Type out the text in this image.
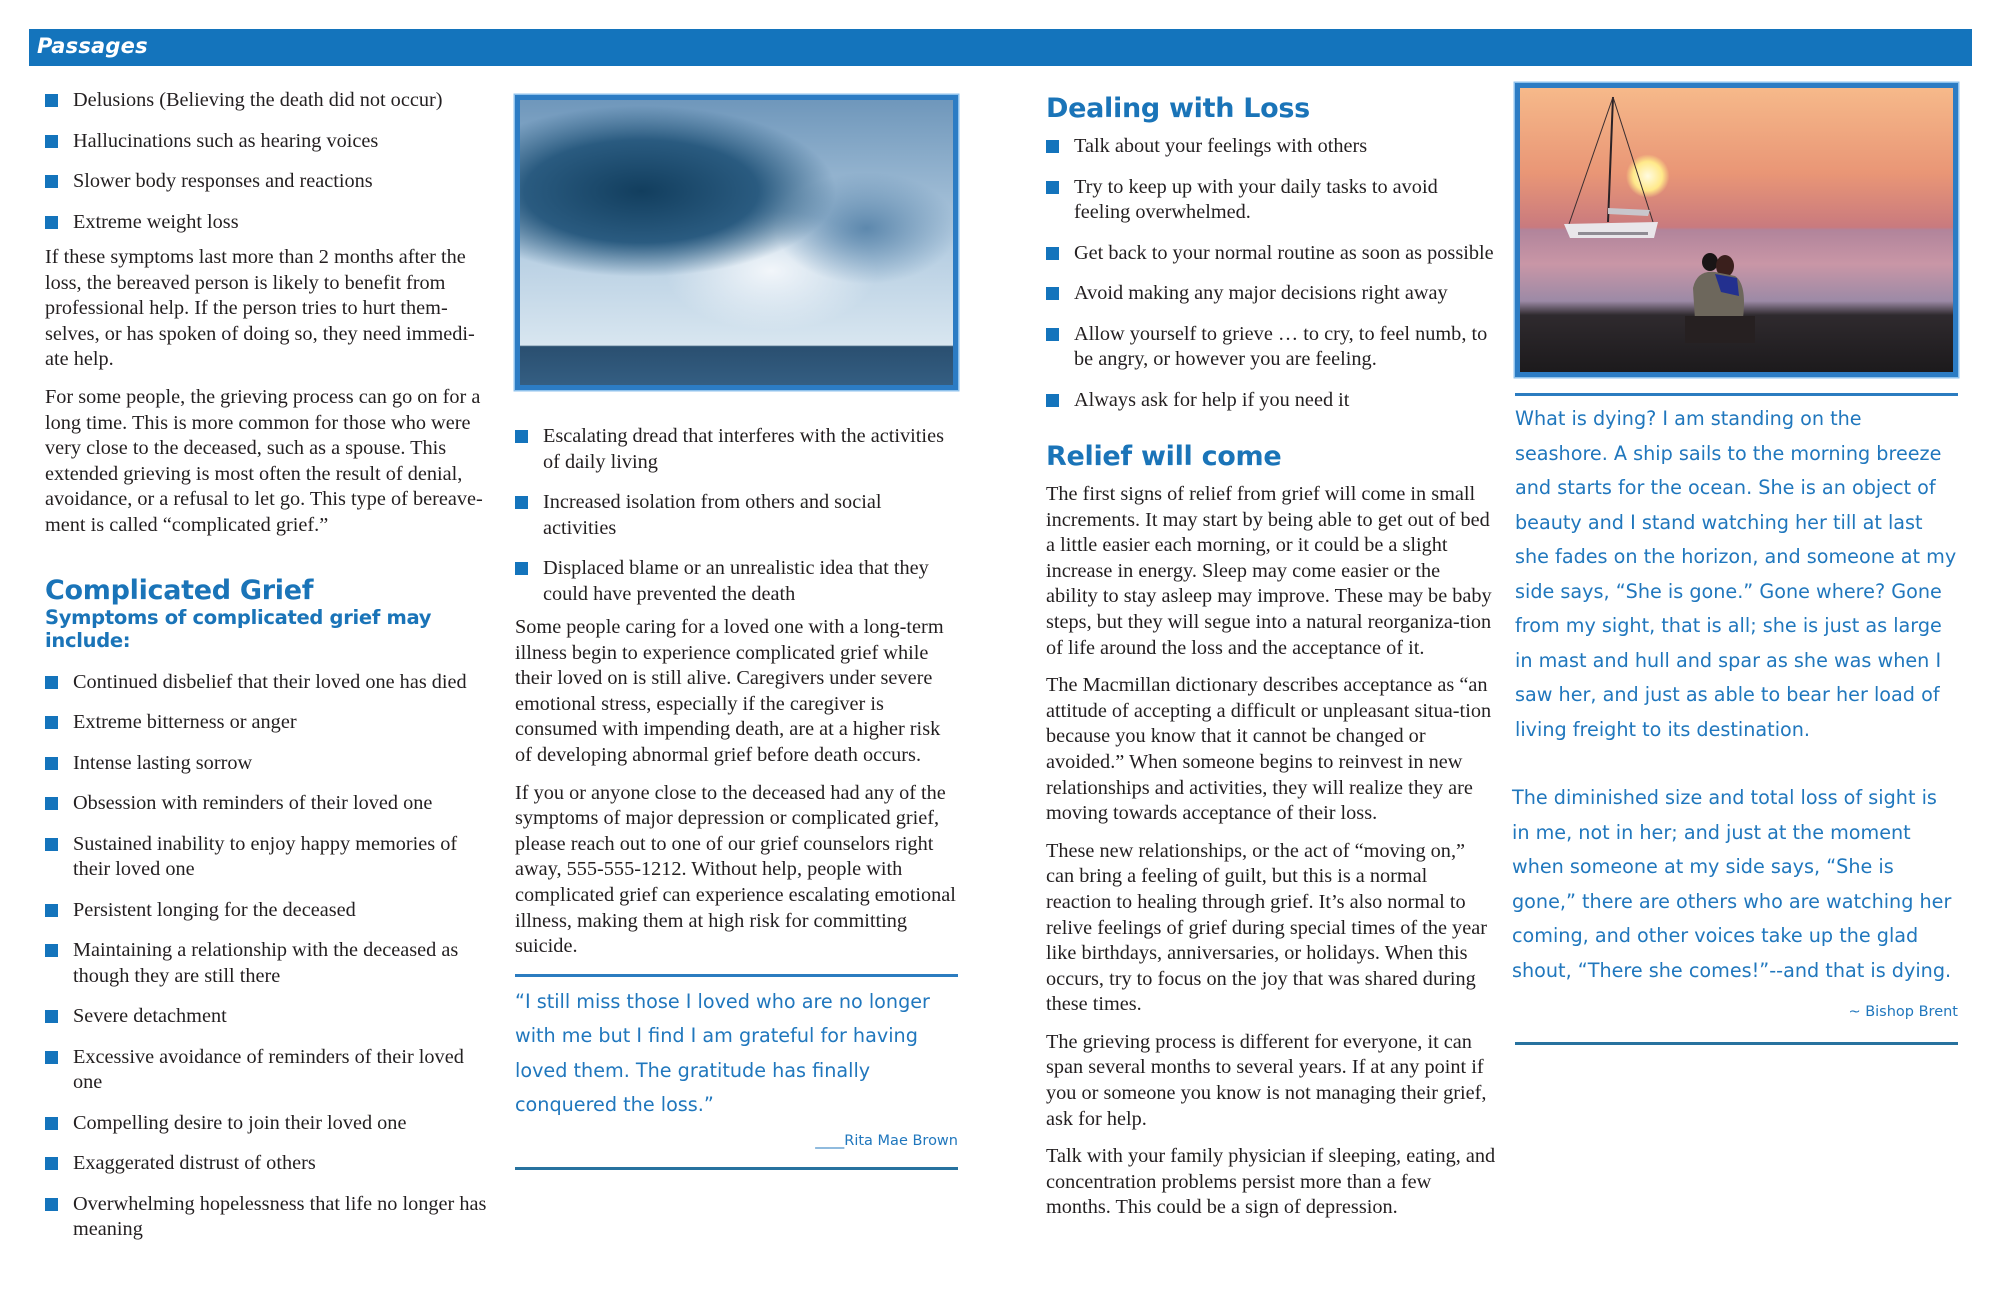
Passages
Delusions (Believing the death did not occur)
Hallucinations such as hearing voices
Slower body responses and reactions
Extreme weight loss

If these symptoms last more than 2 months after the loss, the bereaved person is likely to benefit from professional help. If the person tries to hurt them-selves, or has spoken of doing so, they need immedi-ate help.

For some people, the grieving process can go on for a long time. This is more common for those who were very close to the deceased, such as a spouse. This extended grieving is most often the result of denial, avoidance, or a refusal to let go. This type of bereave-ment is called “complicated grief.”

Complicated Grief
Symptoms of complicated grief may include:
Continued disbelief that their loved one has died
Extreme bitterness or anger
Intense lasting sorrow
Obsession with reminders of their loved one
Sustained inability to enjoy happy memories of their loved one
Persistent longing for the deceased
Maintaining a relationship with the deceased as though they are still there
Severe detachment
Excessive avoidance of reminders of their loved one
Compelling desire to join their loved one
Exaggerated distrust of others
Overwhelming hopelessness that life no longer has meaning
Escalating dread that interferes with the activities of daily living
Increased isolation from others and social activities
Displaced blame or an unrealistic idea that they could have prevented the death

Some people caring for a loved one with a long-term illness begin to experience complicated grief while their loved on is still alive. Caregivers under severe emotional stress, especially if the caregiver is consumed with impending death, are at a higher risk of developing abnormal grief before death occurs.

If you or anyone close to the deceased had any of the symptoms of major depression or complicated grief, please reach out to one of our grief counselors right away, 555-555-1212. Without help, people with complicated grief can experience escalating emotional illness, making them at high risk for committing suicide.

“I still miss those I loved who are no longer with me but I find I am grateful for having loved them. The gratitude has finally conquered the loss.”
____Rita Mae Brown
Dealing with Loss
Talk about your feelings with others
Try to keep up with your daily tasks to avoid feeling overwhelmed.
Get back to your normal routine as soon as possible
Avoid making any major decisions right away
Allow yourself to grieve … to cry, to feel numb, to be angry, or however you are feeling.
Always ask for help if you need it
Relief will come

The first signs of relief from grief will come in small increments. It may start by being able to get out of bed a little easier each morning, or it could be a slight increase in energy. Sleep may come easier or the ability to stay asleep may improve. These may be baby steps, but they will segue into a natural reorganiza-tion of life around the loss and the acceptance of it.

The Macmillan dictionary describes acceptance as “an attitude of accepting a difficult or unpleasant situa-tion because you know that it cannot be changed or avoided.” When someone begins to reinvest in new relationships and activities, they will realize they are moving towards acceptance of their loss.

These new relationships, or the act of “moving on,” can bring a feeling of guilt, but this is a normal reaction to healing through grief. It’s also normal to relive feelings of grief during special times of the year like birthdays, anniversaries, or holidays. When this occurs, try to focus on the joy that was shared during these times.

The grieving process is different for everyone, it can span several months to several years. If at any point if you or someone you know is not managing their grief, ask for help.

Talk with your family physician if sleeping, eating, and concentration problems persist more than a few months. This could be a sign of depression.

What is dying? I am standing on the seashore. A ship sails to the morning breeze and starts for the ocean. She is an object of beauty and I stand watching her till at last she fades on the horizon, and someone at my side says, “She is gone.” Gone where? Gone from my sight, that is all; she is just as large in mast and hull and spar as she was when I saw her, and just as able to bear her load of living freight to its destination.
The diminished size and total loss of sight is in me, not in her; and just at the moment when someone at my side says, “She is gone,” there are others who are watching her coming, and other voices take up the glad shout, “There she comes!”--and that is dying.
~ Bishop Brent
